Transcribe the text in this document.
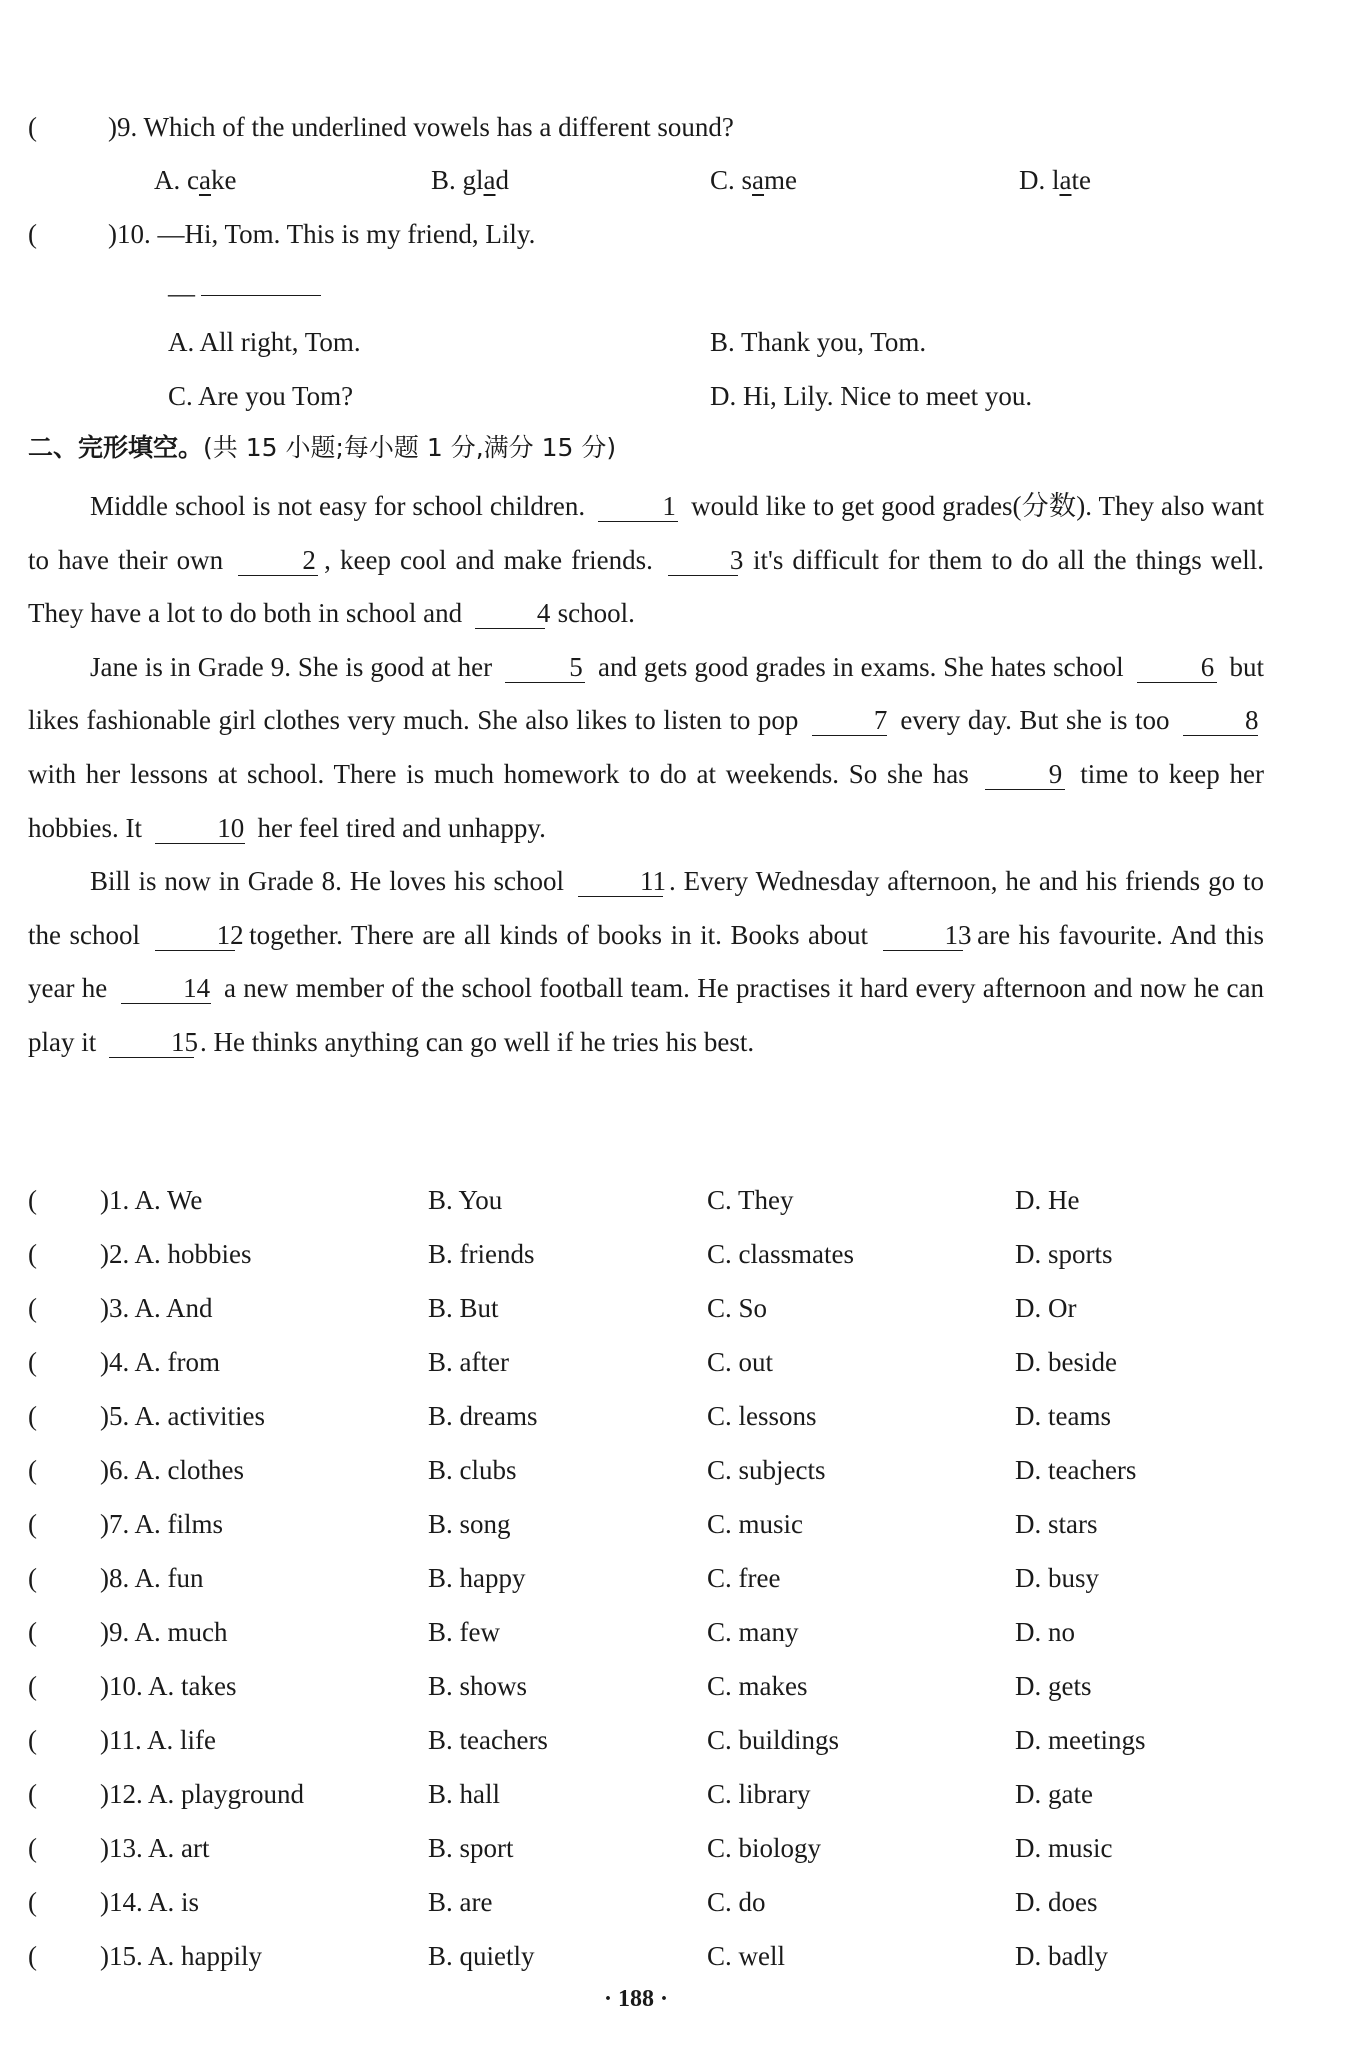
(	)9. Which of the underlined vowels has a different sound?
A. cake	B. glad	C. same	D. late
(	)10. —Hi, Tom. This is my friend, Lily.
—
A. All right, Tom.	B. Thank you, Tom.
C. Are you Tom?	D. Hi, Lily. Nice to meet you.
二、完形填空。(共 15 小题;每小题 1 分,满分 15 分)

Middle school is not easy for school children.	1 would like to get good grades(分数). They also want to have their own	2 , keep cool and make friends.	3 it's difficult for them to do all the things well. They have a lot to do both in school and	4 school.

Jane is in Grade 9. She is good at her	5 and gets good grades in exams. She hates school	6 but likes fashionable girl clothes very much. She also likes to listen to pop	7 every day. But she is too	8 with her lessons at school. There is much homework to do at weekends. So she has	9 time to keep her hobbies. It	10 her feel tired and unhappy.

Bill is now in Grade 8. He loves his school	11 . Every Wednesday afternoon, he and his friends go to the school	12 together. There are all kinds of books in it. Books about	13 are his favourite. And this year he	14 a new member of the school football team. He practises it hard every afternoon and now he can play it	15. He thinks anything can go well if he tries his best.

( )1. A. We	B. You	C. They	D. He
( )2. A. hobbies	B. friends	C. classmates	D. sports
( )3. A. And	B. But	C. So	D. Or
( )4. A. from	B. after	C. out	D. beside
( )5. A. activities	B. dreams	C. lessons	D. teams
( )6. A. clothes	B. clubs	C. subjects	D. teachers
( )7. A. films	B. song	C. music	D. stars
( )8. A. fun	B. happy	C. free	D. busy
( )9. A. much	B. few	C. many	D. no
( )10. A. takes	B. shows	C. makes	D. gets
( )11. A. life	B. teachers	C. buildings	D. meetings
( )12. A. playground	B. hall	C. library	D. gate
( )13. A. art	B. sport	C. biology	D. music
( )14. A. is	B. are	C. do	D. does
( )15. A. happily	B. quietly	C. well	D. badly
· 188 ·
